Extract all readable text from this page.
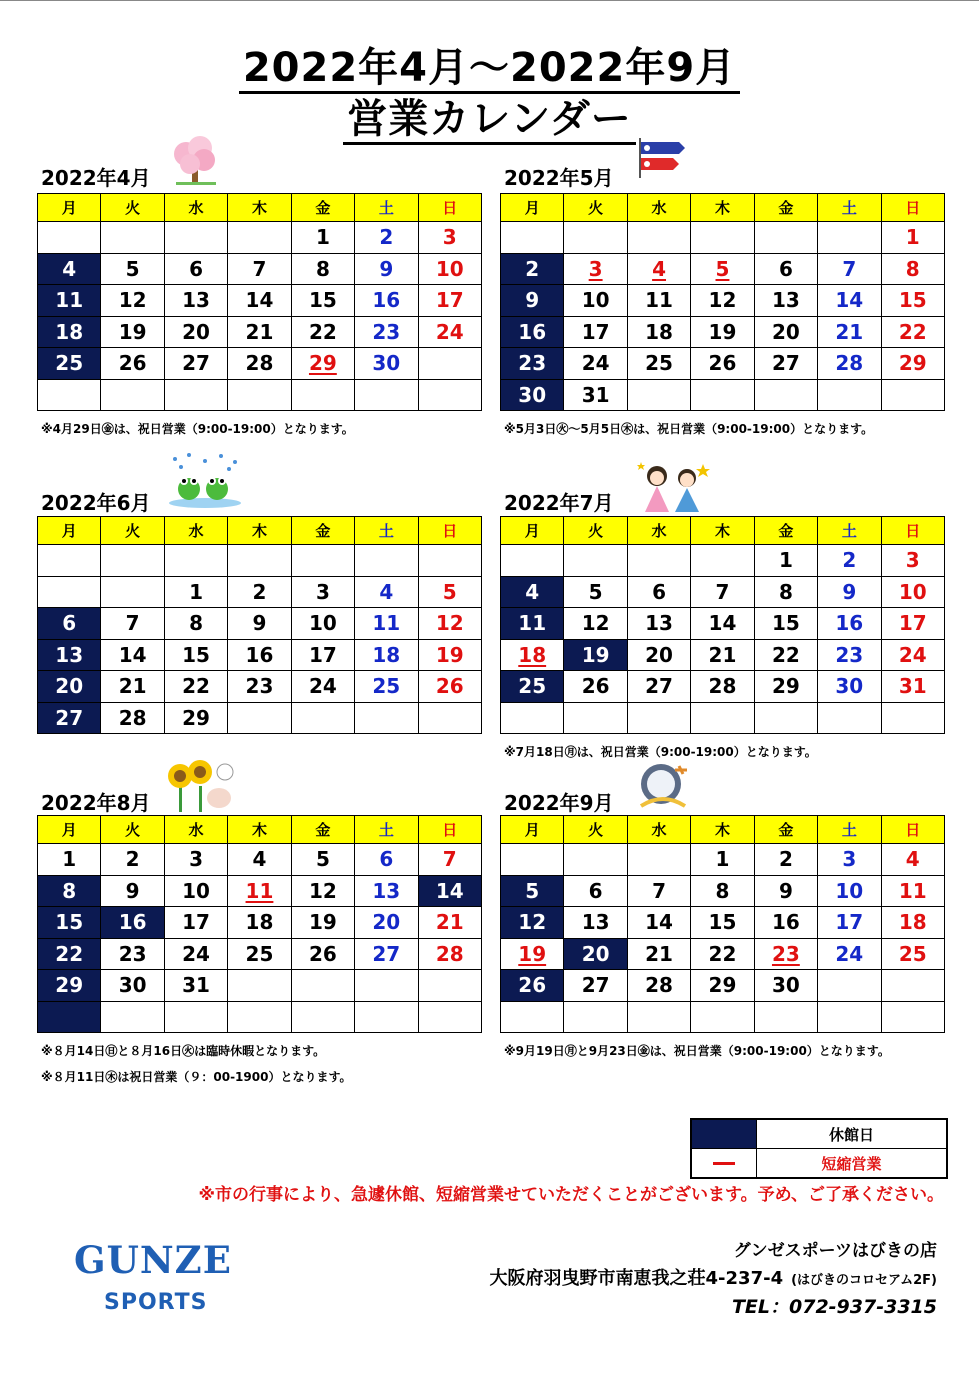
2022年4月～2022年9月
営業カレンダー
2022年4月
月	火	水	木	金	土	日
				1	2	3
4	5	6	7	8	9	10
11	12	13	14	15	16	17
18	19	20	21	22	23	24
25	26	27	28	29	30	

※4月29日㊎は、祝日営業（9:00-19:00）となります。
2022年5月
月	火	水	木	金	土	日
						1
2	3	4	5	6	7	8
9	10	11	12	13	14	15
16	17	18	19	20	21	22
23	24	25	26	27	28	29
30	31					
※5月3日㊋～5月5日㊍は、祝日営業（9:00-19:00）となります。
2022年6月
月	火	水	木	金	土	日

		1	2	3	4	5
6	7	8	9	10	11	12
13	14	15	16	17	18	19
20	21	22	23	24	25	26
27	28	29				
2022年7月
月	火	水	木	金	土	日
				1	2	3
4	5	6	7	8	9	10
11	12	13	14	15	16	17
18	19	20	21	22	23	24
25	26	27	28	29	30	31

※7月18日㊊は、祝日営業（9:00-19:00）となります。
2022年8月
月	火	水	木	金	土	日
1	2	3	4	5	6	7
8	9	10	11	12	13	14
15	16	17	18	19	20	21
22	23	24	25	26	27	28
29	30	31				

※８月14日㊐と８月16日㊋は臨時休暇となります。
※８月11日㊍は祝日営業（９：00-1900）となります。
2022年9月
月	火	水	木	金	土	日
			1	2	3	4
5	6	7	8	9	10	11
12	13	14	15	16	17	18
19	20	21	22	23	24	25
26	27	28	29	30		

※9月19日㊊と9月23日㊎は、祝日営業（9:00-19:00）となります。
休館日
短縮営業
※市の行事により、急遽休館、短縮営業せていただくことがございます。予め、ご了承ください。
GUNZE
SPORTS
グンゼスポーツはびきの店
大阪府羽曳野市南恵我之荘4-237-4 (はびきのコロセアム2F)
TEL：072-937-3315
